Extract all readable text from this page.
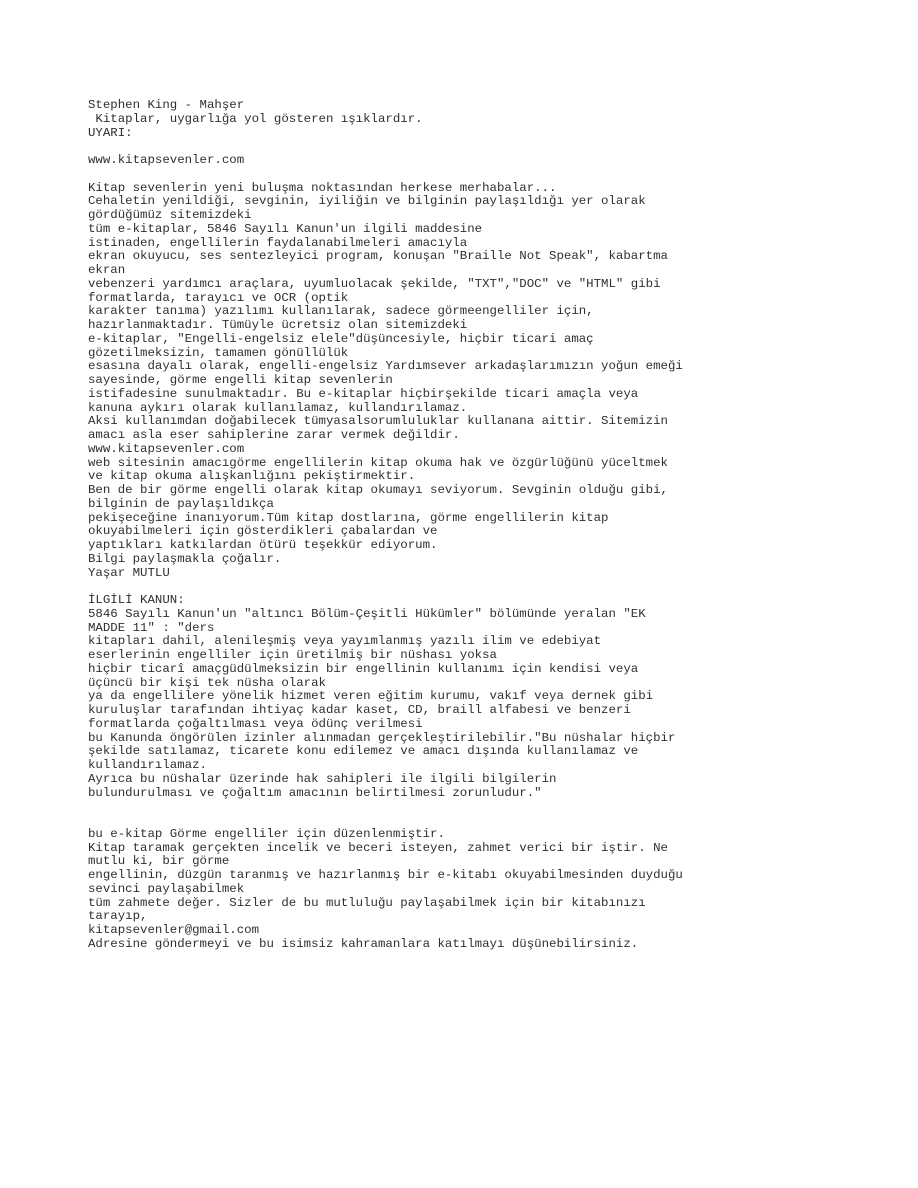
Stephen King - Mahşer
Kitaplar, uygarlığa yol gösteren ışıklardır.
UYARI:
www.kitapsevenler.com
Kitap sevenlerin yeni buluşma noktasından herkese merhabalar...
Cehaletin yenildiği, sevginin, iyiliğin ve bilginin paylaşıldığı yer olarak
gördüğümüz sitemizdeki
tüm e-kitaplar, 5846 Sayılı Kanun'un ilgili maddesine
istinaden, engellilerin faydalanabilmeleri amacıyla
ekran okuyucu, ses sentezleyici program, konuşan "Braille Not Speak", kabartma
ekran
vebenzeri yardımcı araçlara, uyumluolacak şekilde, "TXT","DOC" ve "HTML" gibi
formatlarda, tarayıcı ve OCR (optik
karakter tanıma) yazılımı kullanılarak, sadece görmeengelliler için,
hazırlanmaktadır. Tümüyle ücretsiz olan sitemizdeki
e-kitaplar, "Engelli-engelsiz elele"düşüncesiyle, hiçbir ticari amaç
gözetilmeksizin, tamamen gönüllülük
esasına dayalı olarak, engelli-engelsiz Yardımsever arkadaşlarımızın yoğun emeği
sayesinde, görme engelli kitap sevenlerin
istifadesine sunulmaktadır. Bu e-kitaplar hiçbirşekilde ticari amaçla veya
kanuna aykırı olarak kullanılamaz, kullandırılamaz.
Aksi kullanımdan doğabilecek tümyasalsorumluluklar kullanana aittir. Sitemizin
amacı asla eser sahiplerine zarar vermek değildir.
www.kitapsevenler.com
web sitesinin amacıgörme engellilerin kitap okuma hak ve özgürlüğünü yüceltmek
ve kitap okuma alışkanlığını pekiştirmektir.
Ben de bir görme engelli olarak kitap okumayı seviyorum. Sevginin olduğu gibi,
bilginin de paylaşıldıkça
pekişeceğine inanıyorum.Tüm kitap dostlarına, görme engellilerin kitap
okuyabilmeleri için gösterdikleri çabalardan ve
yaptıkları katkılardan ötürü teşekkür ediyorum.
Bilgi paylaşmakla çoğalır.
Yaşar MUTLU
İLGİLİ KANUN:
5846 Sayılı Kanun'un "altıncı Bölüm-Çeşitli Hükümler" bölümünde yeralan "EK
MADDE 11" : "ders
kitapları dahil, alenileşmiş veya yayımlanmış yazılı ilim ve edebiyat
eserlerinin engelliler için üretilmiş bir nüshası yoksa
hiçbir ticarî amaçgüdülmeksizin bir engellinin kullanımı için kendisi veya
üçüncü bir kişi tek nüsha olarak
ya da engellilere yönelik hizmet veren eğitim kurumu, vakıf veya dernek gibi
kuruluşlar tarafından ihtiyaç kadar kaset, CD, braill alfabesi ve benzeri
formatlarda çoğaltılması veya ödünç verilmesi
bu Kanunda öngörülen izinler alınmadan gerçekleştirilebilir."Bu nüshalar hiçbir
şekilde satılamaz, ticarete konu edilemez ve amacı dışında kullanılamaz ve
kullandırılamaz.
Ayrıca bu nüshalar üzerinde hak sahipleri ile ilgili bilgilerin
bulundurulması ve çoğaltım amacının belirtilmesi zorunludur."
bu e-kitap Görme engelliler için düzenlenmiştir.
Kitap taramak gerçekten incelik ve beceri isteyen, zahmet verici bir iştir. Ne
mutlu ki, bir görme
engellinin, düzgün taranmış ve hazırlanmış bir e-kitabı okuyabilmesinden duyduğu
sevinci paylaşabilmek
tüm zahmete değer. Sizler de bu mutluluğu paylaşabilmek için bir kitabınızı
tarayıp,
kitapsevenler@gmail.com
Adresine göndermeyi ve bu isimsiz kahramanlara katılmayı düşünebilirsiniz.
